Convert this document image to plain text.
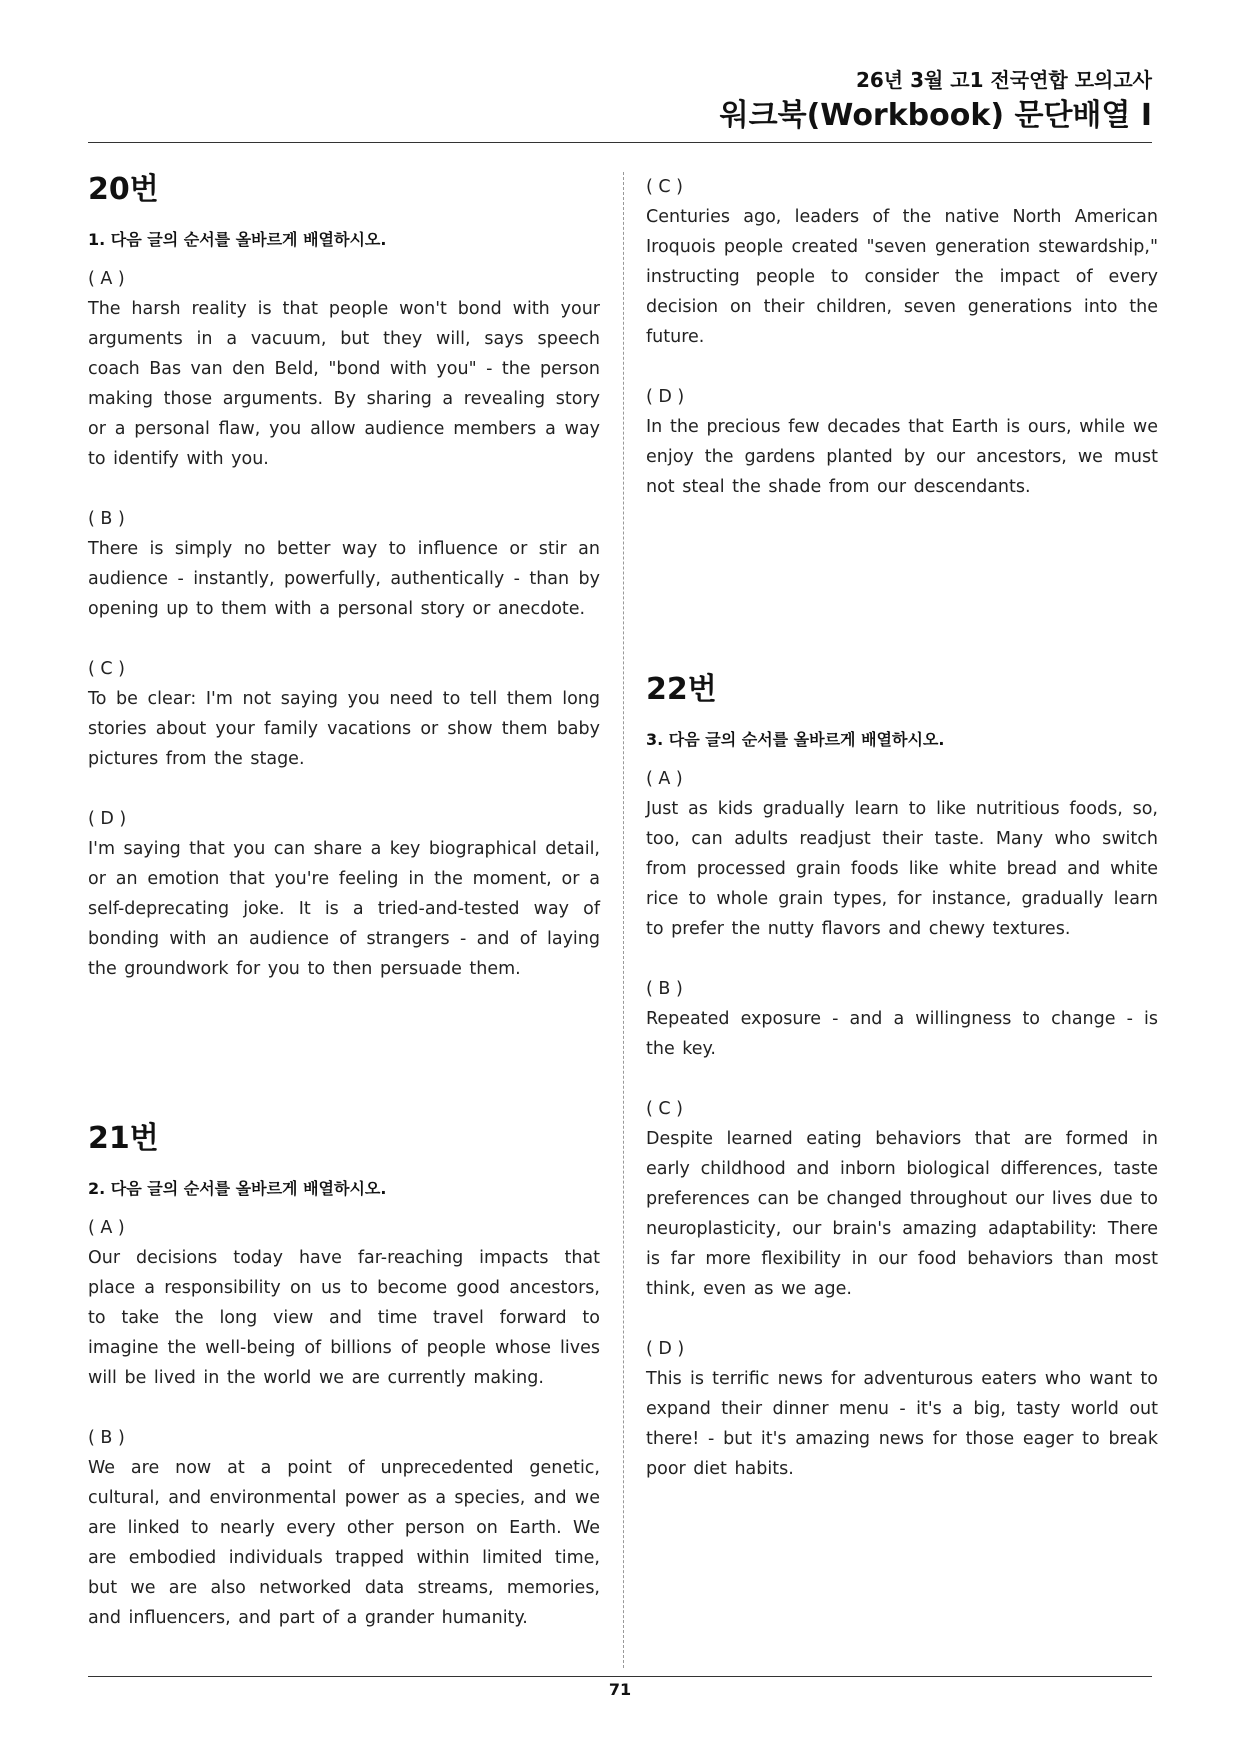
26년 3월 고1 전국연합 모의고사
워크북(Workbook) 문단배열 I
20번
1. 다음 글의 순서를 올바르게 배열하시오.
( A )
The harsh reality is that people won't bond with your arguments in a vacuum, but they will, says speech coach Bas van den Beld, "bond with you" - the person making those arguments. By sharing a revealing story or a personal flaw, you allow audience members a way to identify with you.
( B )
There is simply no better way to influence or stir an audience - instantly, powerfully, authentically - than by opening up to them with a personal story or anecdote.
( C )
To be clear: I'm not saying you need to tell them long stories about your family vacations or show them baby pictures from the stage.
( D )
I'm saying that you can share a key biographical detail, or an emotion that you're feeling in the moment, or a self-deprecating joke. It is a tried-and-tested way of bonding with an audience of strangers - and of laying the groundwork for you to then persuade them.
21번
2. 다음 글의 순서를 올바르게 배열하시오.
( A )
Our decisions today have far-reaching impacts that place a responsibility on us to become good ancestors, to take the long view and time travel forward to imagine the well-being of billions of people whose lives will be lived in the world we are currently making.
( B )
We are now at a point of unprecedented genetic, cultural, and environmental power as a species, and we are linked to nearly every other person on Earth. We are embodied individuals trapped within limited time, but we are also networked data streams, memories, and influencers, and part of a grander humanity.
( C )
Centuries ago, leaders of the native North American Iroquois people created "seven generation stewardship," instructing people to consider the impact of every decision on their children, seven generations into the future.
( D )
In the precious few decades that Earth is ours, while we enjoy the gardens planted by our ancestors, we must not steal the shade from our descendants.
22번
3. 다음 글의 순서를 올바르게 배열하시오.
( A )
Just as kids gradually learn to like nutritious foods, so, too, can adults readjust their taste. Many who switch from processed grain foods like white bread and white rice to whole grain types, for instance, gradually learn to prefer the nutty flavors and chewy textures.
( B )
Repeated exposure - and a willingness to change - is the key.
( C )
Despite learned eating behaviors that are formed in early childhood and inborn biological differences, taste preferences can be changed throughout our lives due to neuroplasticity, our brain's amazing adaptability: There is far more flexibility in our food behaviors than most think, even as we age.
( D )
This is terrific news for adventurous eaters who want to expand their dinner menu - it's a big, tasty world out there! - but it's amazing news for those eager to break poor diet habits.
71
